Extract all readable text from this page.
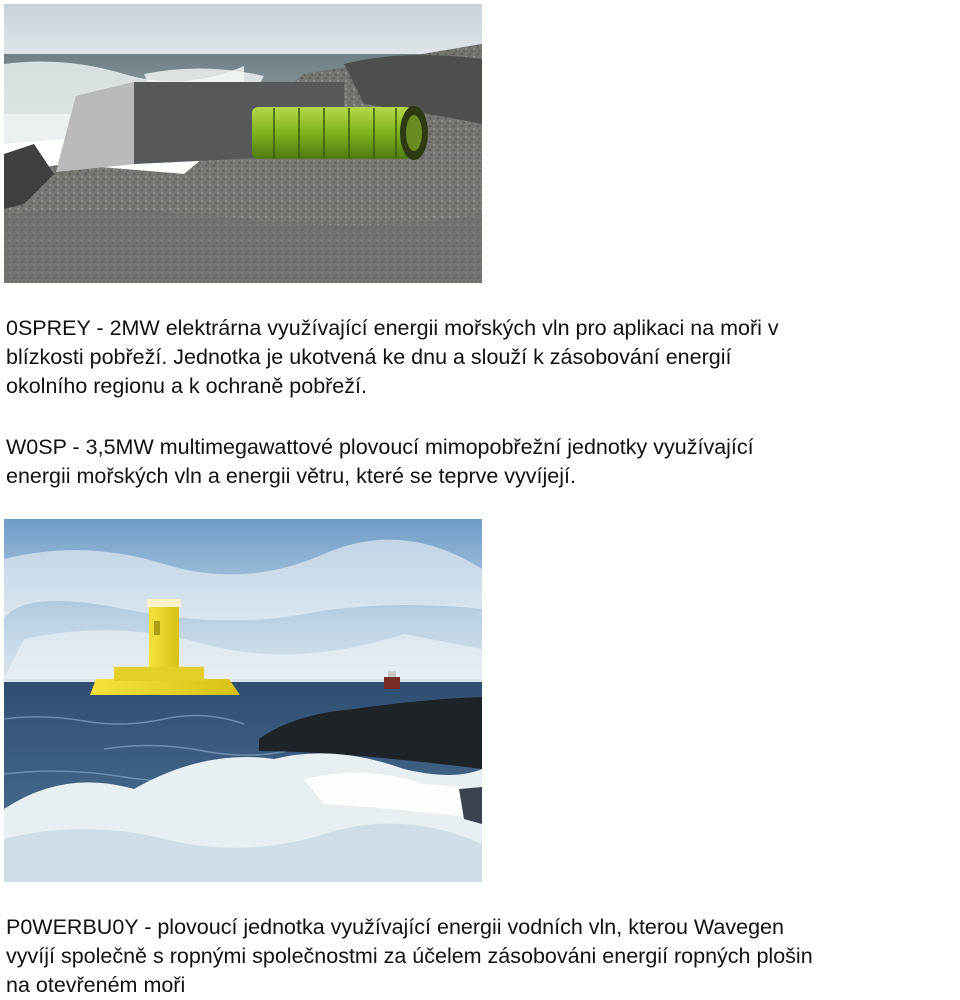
0SPREY - 2MW elektrárna využívající energii mořských vln pro aplikaci na moři v
blízkosti pobřeží. Jednotka je ukotvená ke dnu a slouží k zásobování energií
okolního regionu a k ochraně pobřeží.

W0SP - 3,5MW multimegawattové plovoucí mimopobřežní jednotky využívající
energii mořských vln a energii větru, které se teprve vyvíjejí.

P0WERBU0Y - plovoucí jednotka využívající energii vodních vln, kterou Wavegen
vyvíjí společně s ropnými společnostmi za účelem zásobováni energií ropných plošin
na otevřeném moři
